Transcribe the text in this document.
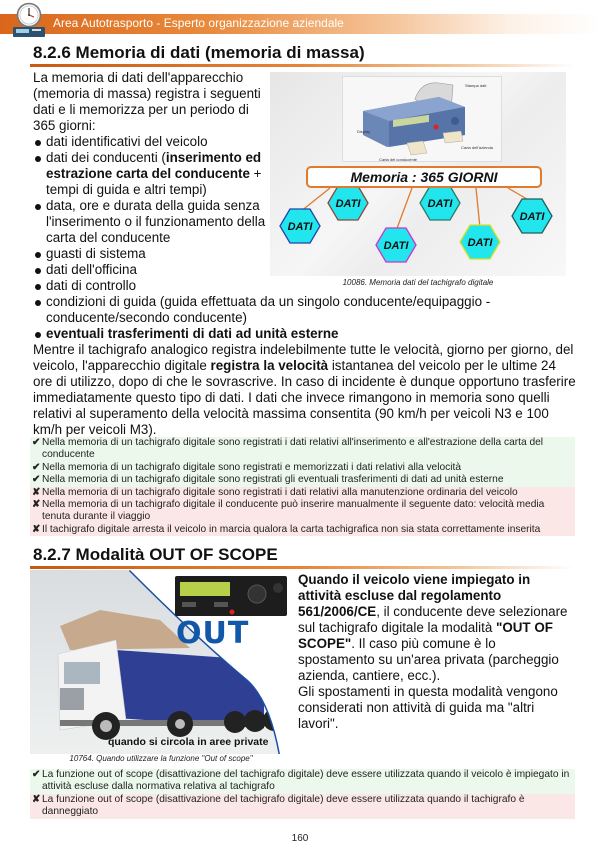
Area Autotrasporto - Esperto organizzazione aziendale
8.2.6 Memoria di dati (memoria di massa)

La memoria di dati dell'apparecchio (memoria di massa) registra i seguenti dati e li memorizza per un periodo di 365 giorni:

dati identificativi del veicolo
dati dei conducenti (inserimento ed estrazione carta del conducente + tempi di guida e altri tempi)
data, ore e durata della guida senza l'inserimento o il funzionamento della carta del conducente
guasti di sistema
dati dell'officina
dati di controllo
condizioni di guida (guida effettuata da un singolo conducente/equipaggio - conducente/secondo conducente)
eventuali trasferimenti di dati ad unità esterne

Mentre il tachigrafo analogico registra indelebilmente tutte le velocità, giorno per giorno, del veicolo, l'apparecchio digitale registra la velocità istantanea del veicolo per le ultime 24 ore di utilizzo, dopo di che le sovrascrive. In caso di incidente è dunque opportuno trasferire immediatamente questo tipo di dati. I dati che invece rimangono in memoria sono quelli relativi al superamento della velocità massima consentita (90 km/h per veicoli N3 e 100 km/h per veicoli M3).

Stampa dati
Display
Carta del conducente
Carta dell'azienda
DATI
DATI
DATI
DATI
DATI
DATI
Memoria : 365 GIORNI
10086. Memoria dati del tachigrafo digitale
✔ Nella memoria di un tachigrafo digitale sono registrati i dati relativi all'inserimento e all'estrazione della carta del conducente
✔ Nella memoria di un tachigrafo digitale sono registrati e memorizzati i dati relativi alla velocità
✔ Nella memoria di un tachigrafo digitale sono registrati gli eventuali trasferimenti di dati ad unità esterne
✘ Nella memoria di un tachigrafo digitale sono registrati i dati relativi alla manutenzione ordinaria del veicolo
✘ Nella memoria di un tachigrafo digitale il conducente può inserire manualmente il seguente dato: velocità media tenuta durante il viaggio
✘ Il tachigrafo digitale arresta il veicolo in marcia qualora la carta tachigrafica non sia stata correttamente inserita
8.2.7 Modalità OUT OF SCOPE
OUT
quando si circola in aree private
10764. Quando utilizzare la funzione "Out of scope"

Quando il veicolo viene impiegato in attività escluse dal regolamento 561/2006/CE, il conducente deve selezionare sul tachigrafo digitale la modalità "OUT OF SCOPE". Il caso più comune è lo spostamento su un'area privata (parcheggio azienda, cantiere, ecc.).

Gli spostamenti in questa modalità vengono considerati non attività di guida ma "altri lavori".

✔ La funzione out of scope (disattivazione del tachigrafo digitale) deve essere utilizzata quando il veicolo è impiegato in attività escluse dalla normativa relativa al tachigrafo
✘ La funzione out of scope (disattivazione del tachigrafo digitale) deve essere utilizzata quando il tachigrafo è danneggiato
160
